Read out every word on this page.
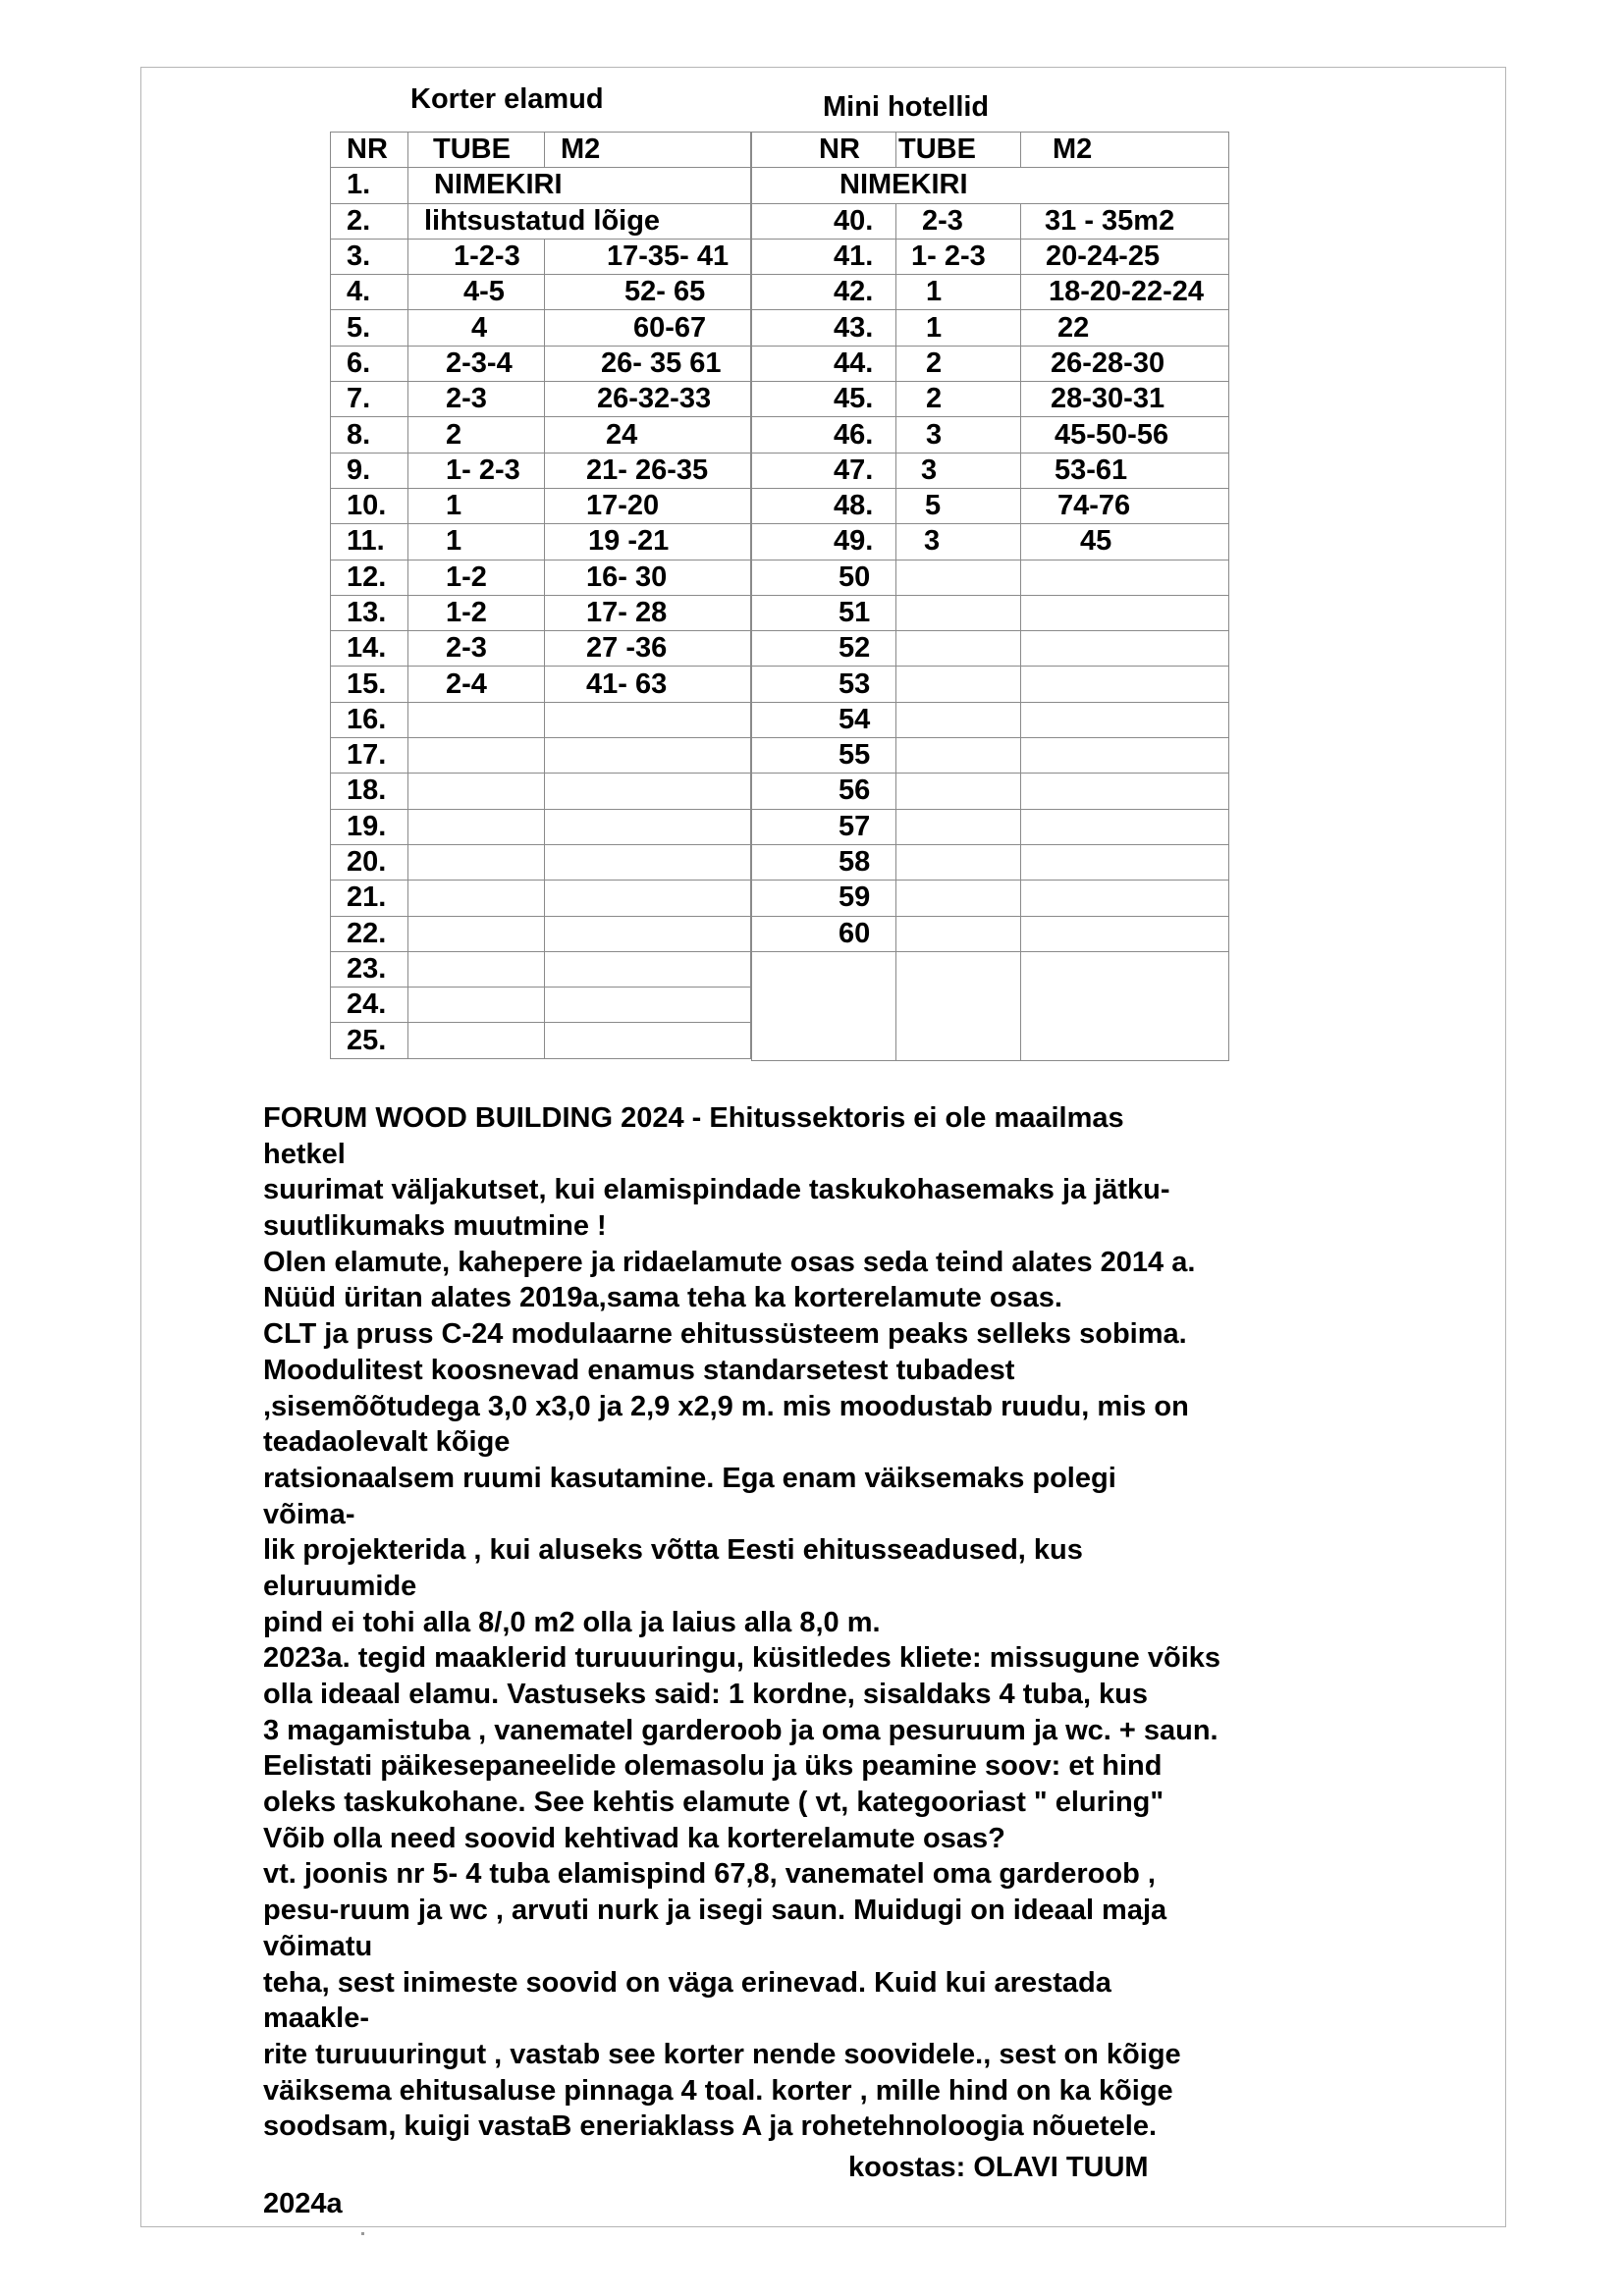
Korter elamud	Mini hotellid
NR	TUBE	M2
1.	NIMEKIRI	
2.	lihtsustatud lõige	
3.	1-2-3	17-35- 41
4.	4-5	52- 65
5.	4	60-67
6.	2-3-4	26- 35 61
7.	2-3	26-32-33
8.	2	24
9.	1- 2-3	21- 26-35
10.	1	17-20
11.	1	19 -21
12.	1-2	16- 30
13.	1-2	17- 28
14.	2-3	27 -36
15.	2-4	41- 63
16.		
17.		
18.		
19.		
20.		
21.		
22.		
23.		
24.		
25.		
NR	TUBE	M2
NIMEKIRI		
40.	2-3	31 - 35m2
41.	1- 2-3	20-24-25
42.	1	18-20-22-24
43.	1	22
44.	2	26-28-30
45.	2	28-30-31
46.	3	45-50-56
47.	3	53-61
48.	5	74-76
49.	3	45
50		
51		
52		
53		
54		
55		
56		
57		
58		
59		
60		

FORUM WOOD BUILDING 2024 - Ehitussektoris ei ole maailmas
hetkel
suurimat väljakutset, kui elamispindade taskukohasemaks ja jätku-
suutlikumaks muutmine !
Olen elamute, kahepere ja ridaelamute osas seda teind alates 2014 a.
Nüüd üritan alates 2019a,sama teha ka korterelamute osas.
CLT ja pruss C-24 modulaarne ehitussüsteem peaks selleks sobima.
Moodulitest koosnevad enamus standarsetest tubadest
,sisemõõtudega 3,0 x3,0 ja 2,9 x2,9 m. mis moodustab ruudu, mis on
teadaolevalt kõige
ratsionaalsem ruumi kasutamine. Ega enam väiksemaks polegi
võima-
lik projekterida , kui aluseks võtta Eesti ehitusseadused, kus
eluruumide
pind ei tohi alla 8/,0 m2 olla ja laius alla 8,0 m.
2023a. tegid maaklerid turuuuringu, küsitledes kliete: missugune võiks
olla ideaal elamu. Vastuseks said: 1 kordne, sisaldaks 4 tuba, kus
3 magamistuba , vanematel garderoob ja oma pesuruum ja wc. + saun.
Eelistati päikesepaneelide olemasolu ja üks peamine soov: et hind
oleks taskukohane. See kehtis elamute ( vt, kategooriast " eluring"
Võib olla need soovid kehtivad ka korterelamute osas?
vt. joonis nr 5- 4 tuba elamispind 67,8, vanematel oma garderoob ,
pesu-ruum ja wc , arvuti nurk ja isegi saun. Muidugi on ideaal maja
võimatu
teha, sest inimeste soovid on väga erinevad. Kuid kui arestada
maakle-
rite turuuuringut , vastab see korter nende soovidele., sest on kõige
väiksema ehitusaluse pinnaga 4 toal. korter , mille hind on ka kõige
soodsam, kuigi vastaB eneriaklass A ja rohetehnoloogia nõuetele.
koostas: OLAVI TUUM
2024a
